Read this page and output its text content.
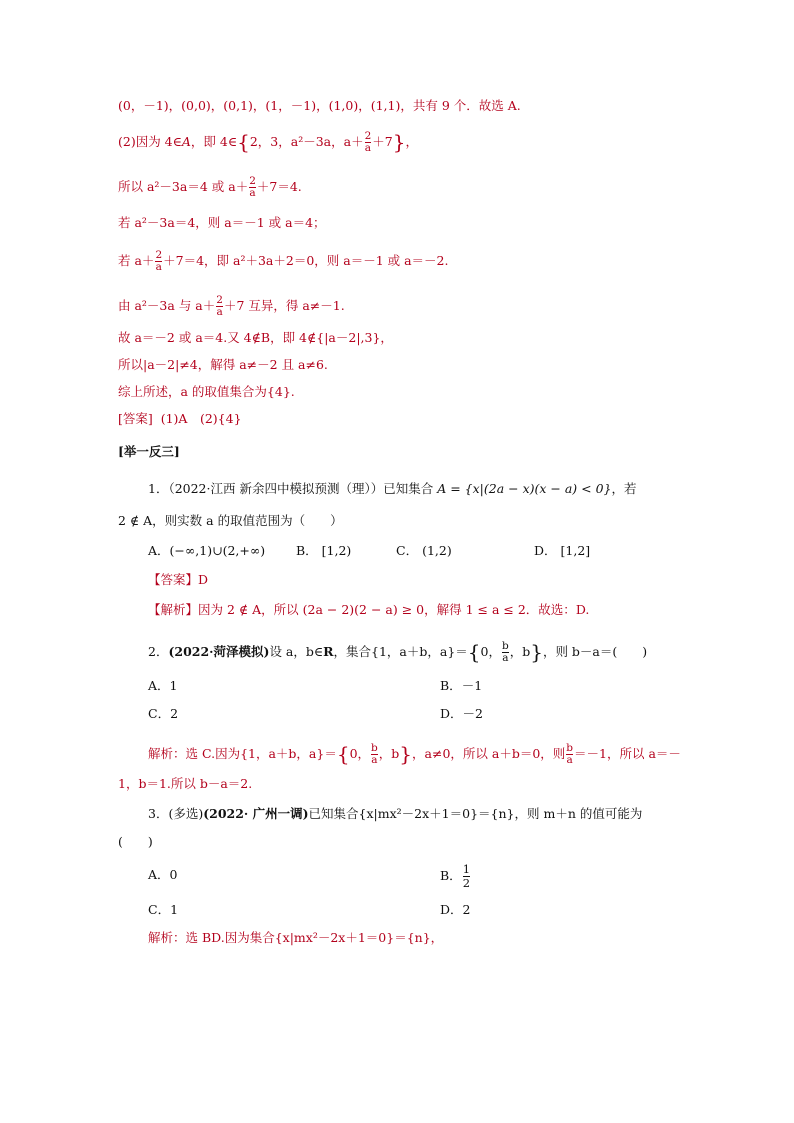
(0，－1)，(0,0)，(0,1)，(1，－1)，(1,0)，(1,1)，共有 9 个．故选 A.
(2)因为 4∈A，即 4∈{2，3，a²－3a，$a+ \frac{2}{a} +7$}，
所以 a²－3a＝4 或 $a+ \frac{2}{a} +7=4$.
若 a²－3a＝4，则 a＝－1 或 a＝4；
若 $a+ \frac{2}{a} +7=4$，即 a²＋3a＋2＝0，则 a＝－1 或 a＝－2.
由 a²－3a 与 $a+ \frac{2}{a} +7$ 互异，得 a≠－1.
故 a＝－2 或 a＝4.又 4∉B，即 4∉{|a－2|,3}，
所以|a－2|≠4，解得 a≠－2 且 a≠6.
综上所述，a 的取值集合为{4}.
[答案] (1)A　(2){4}
[举一反三]
1．（2022·江西 新余四中模拟预测（理））已知集合 A = {x|(2a − x)(x − a) < 0}，若
2 ∉ A，则实数 a 的取值范围为（　　）
A．(−∞,1)∪(2,+∞) B． [1,2)	C． (1,2)	D． [1,2]
【答案】D
【解析】因为 2 ∉ A，所以 (2a − 2)(2 − a) ≥ 0，解得 1 ≤ a ≤ 2．故选：D.
2．(2022·菏泽模拟)设 a，b∈R，集合{1，a＋b，a}＝{0， $\frac{b}{a}$ ，b}，则 b－a＝(　　)
A．1	B．－1
C．2	D．－2
解析：选 C.因为{1，a＋b，a}＝{0， $\frac{b}{a}$ ，b}，a≠0，所以 a＋b＝0，则 $\frac{b}{a} =-1$，所以 a＝－
1，b＝1.所以 b－a＝2.
3．(多选)(2022· 广州一调)已知集合{x|mx²－2x＋1＝0}＝{n}，则 m＋n 的值可能为
(　　)
A．0	B． $\frac{1}{2}$
C．1	D．2
解析：选 BD.因为集合{x|mx²－2x＋1＝0}＝{n}，
